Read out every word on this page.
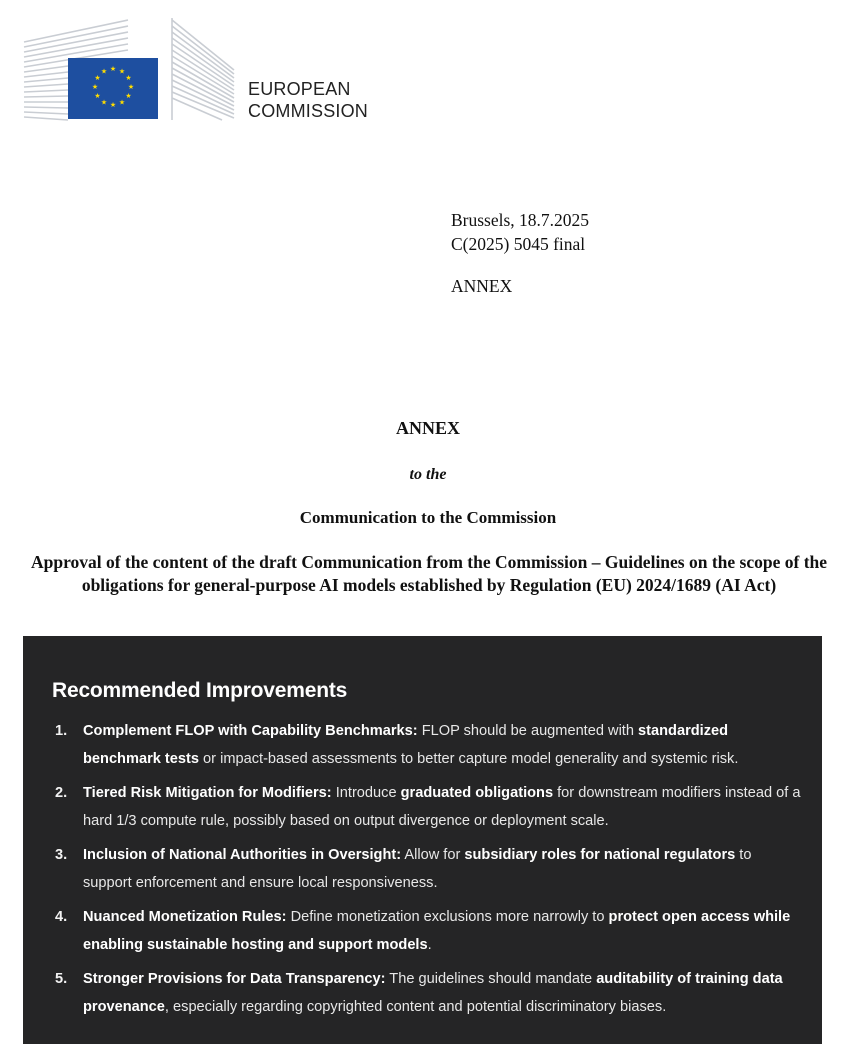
★ ★
★
★
★
★
★
★
★
★
★
★
EUROPEAN
COMMISSION
Brussels, 18.7.2025
C(2025) 5045 final
ANNEX
ANNEX
to the
Communication to the Commission
Approval of the content of the draft Communication from the Commission – Guidelines on the scope of the obligations for general-purpose AI models established by Regulation (EU) 2024/1689 (AI Act)
Recommended Improvements
1. Complement FLOP with Capability Benchmarks: FLOP should be augmented with standardized benchmark tests or impact-based assessments to better capture model generality and systemic risk.
2. Tiered Risk Mitigation for Modifiers: Introduce graduated obligations for downstream modifiers instead of a hard 1/3 compute rule, possibly based on output divergence or deployment scale.
3. Inclusion of National Authorities in Oversight: Allow for subsidiary roles for national regulators to support enforcement and ensure local responsiveness.
4. Nuanced Monetization Rules: Define monetization exclusions more narrowly to protect open access while enabling sustainable hosting and support models.
5. Stronger Provisions for Data Transparency: The guidelines should mandate auditability of training data provenance, especially regarding copyrighted content and potential discriminatory biases.
